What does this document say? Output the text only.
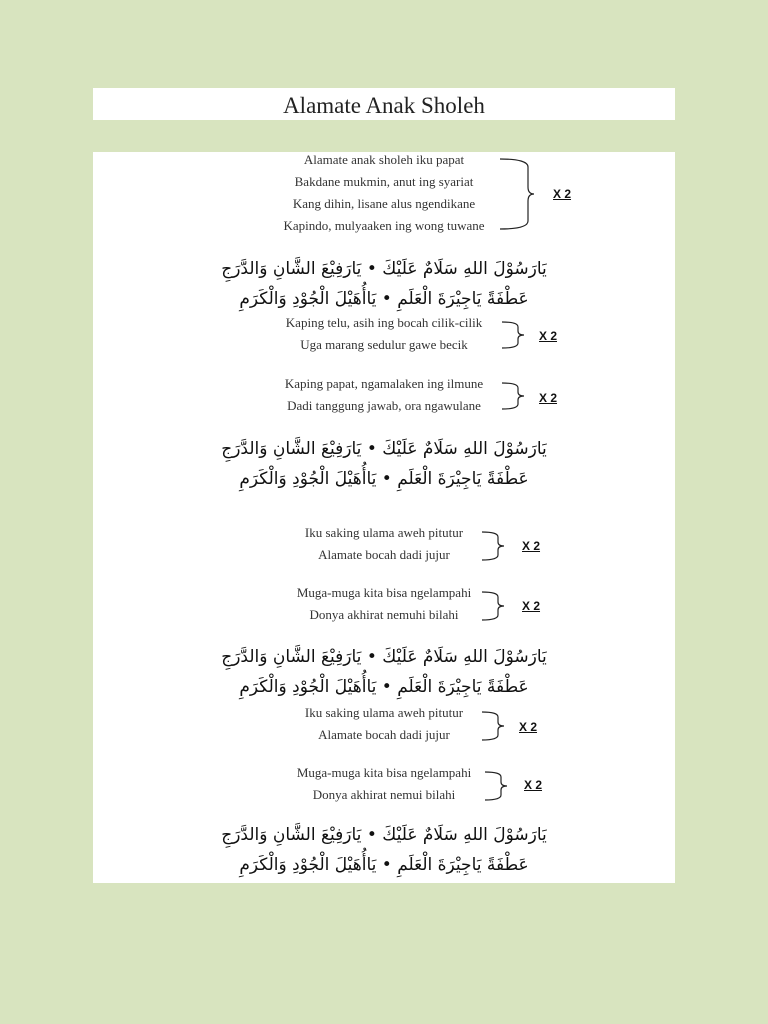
Alamate Anak Sholeh
Alamate anak sholeh iku papat
Bakdane mukmin, anut ing syariat
Kang dihin, lisane alus ngendikane
Kapindo, mulyaaken ing wong tuwane
X 2
يَارَسُوْلَ اللهِ سَلَامٌ عَلَيْكَ • يَارَفِيْعَ الشَّانِ وَالدَّرَجِ
عَطْفَةً يَاجِيْرَةَ الْعَلَمِ • يَاأُهَيْلَ الْجُوْدِ وَالْكَرَمِ
Kaping telu, asih ing bocah cilik-cilik
Uga marang sedulur gawe becik
X 2
Kaping papat, ngamalaken ing ilmune
Dadi tanggung jawab, ora ngawulane	X 2
يَارَسُوْلَ اللهِ سَلَامٌ عَلَيْكَ • يَارَفِيْعَ الشَّانِ وَالدَّرَجِ
عَطْفَةً يَاجِيْرَةَ الْعَلَمِ • يَاأُهَيْلَ الْجُوْدِ وَالْكَرَمِ
Iku saking ulama aweh pitutur
Alamate bocah dadi jujur
X 2
Muga-muga kita bisa ngelampahi
Donya akhirat nemuhi bilahi
X 2
يَارَسُوْلَ اللهِ سَلَامٌ عَلَيْكَ • يَارَفِيْعَ الشَّانِ وَالدَّرَجِ
عَطْفَةً يَاجِيْرَةَ الْعَلَمِ • يَاأُهَيْلَ الْجُوْدِ وَالْكَرَمِ
Iku saking ulama aweh pitutur
Alamate bocah dadi jujur	X 2
Muga-muga kita bisa ngelampahi
Donya akhirat nemui bilahi
X 2
يَارَسُوْلَ اللهِ سَلَامٌ عَلَيْكَ • يَارَفِيْعَ الشَّانِ وَالدَّرَجِ
عَطْفَةً يَاجِيْرَةَ الْعَلَمِ • يَاأُهَيْلَ الْجُوْدِ وَالْكَرَمِ
